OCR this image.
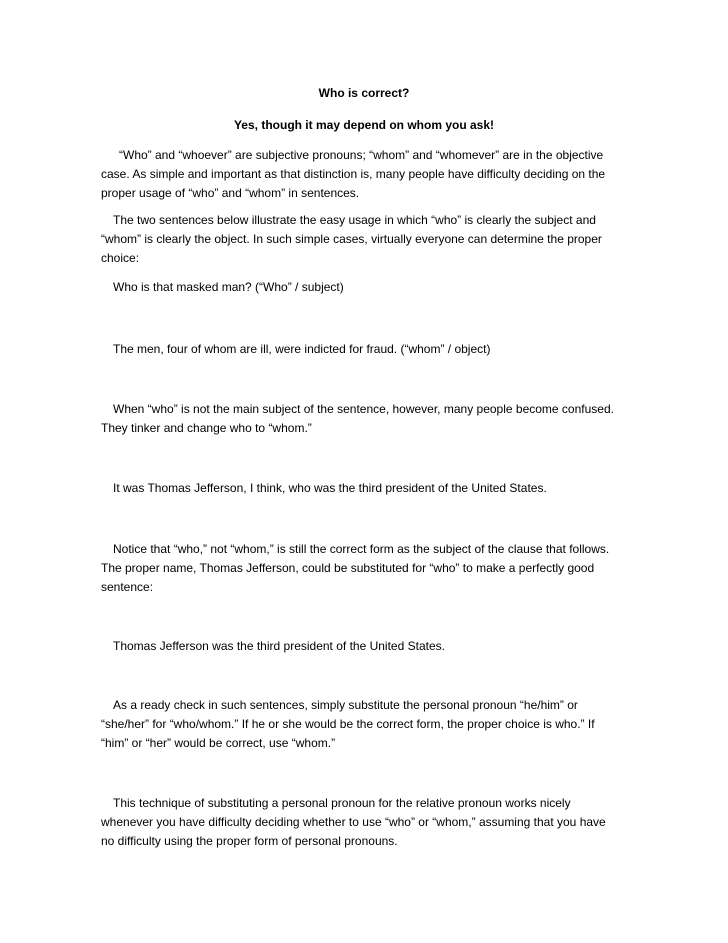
Who is correct?
Yes, though it may depend on whom you ask!
“Who” and “whoever” are subjective pronouns; “whom” and “whomever” are in the objective
case. As simple and important as that distinction is, many people have difficulty deciding on the
proper usage of “who” and “whom” in sentences.
The two sentences below illustrate the easy usage in which “who” is clearly the subject and
“whom” is clearly the object. In such simple cases, virtually everyone can determine the proper
choice:
Who is that masked man? (“Who” / subject)
The men, four of whom are ill, were indicted for fraud. (“whom” / object)
When “who” is not the main subject of the sentence, however, many people become confused.
They tinker and change who to “whom.”
It was Thomas Jefferson, I think, who was the third president of the United States.
Notice that “who,” not “whom,” is still the correct form as the subject of the clause that follows.
The proper name, Thomas Jefferson, could be substituted for “who” to make a perfectly good
sentence:
Thomas Jefferson was the third president of the United States.
As a ready check in such sentences, simply substitute the personal pronoun “he/him” or
“she/her” for “who/whom.” If he or she would be the correct form, the proper choice is who.” If
“him” or “her” would be correct, use “whom.”
This technique of substituting a personal pronoun for the relative pronoun works nicely
whenever you have difficulty deciding whether to use “who” or “whom,” assuming that you have
no difficulty using the proper form of personal pronouns.
